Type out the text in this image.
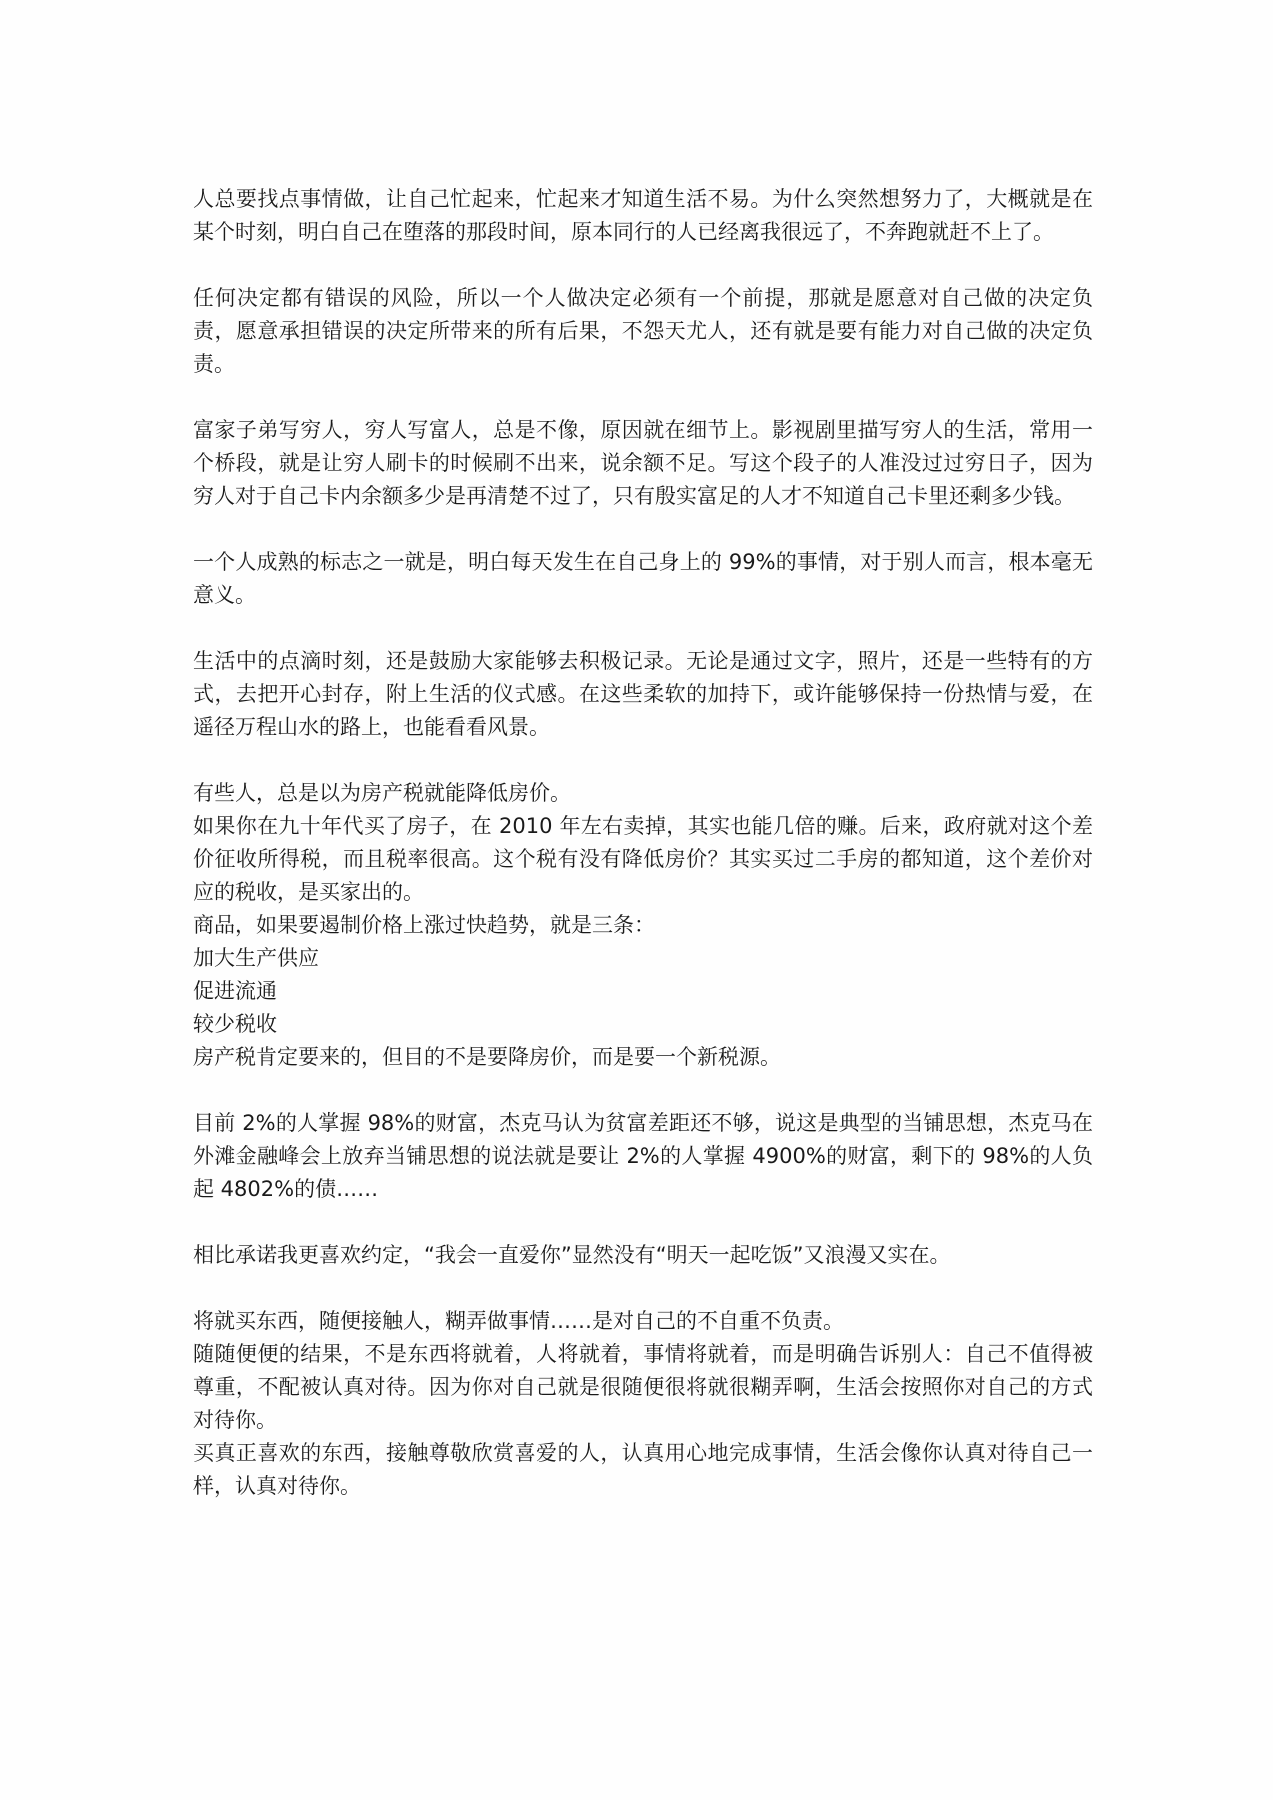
人总要找点事情做，让自己忙起来，忙起来才知道生活不易。为什么突然想努力了，大概就是在某个时刻，明白自己在堕落的那段时间，原本同行的人已经离我很远了，不奔跑就赶不上了。

任何决定都有错误的风险，所以一个人做决定必须有一个前提，那就是愿意对自己做的决定负责，愿意承担错误的决定所带来的所有后果，不怨天尤人，还有就是要有能力对自己做的决定负责。

富家子弟写穷人，穷人写富人，总是不像，原因就在细节上。影视剧里描写穷人的生活，常用一个桥段，就是让穷人刷卡的时候刷不出来，说余额不足。写这个段子的人准没过过穷日子，因为穷人对于自己卡内余额多少是再清楚不过了，只有殷实富足的人才不知道自己卡里还剩多少钱。

一个人成熟的标志之一就是，明白每天发生在自己身上的 99%的事情，对于别人而言，根本毫无意义。

生活中的点滴时刻，还是鼓励大家能够去积极记录。无论是通过文字，照片，还是一些特有的方式，去把开心封存，附上生活的仪式感。在这些柔软的加持下，或许能够保持一份热情与爱，在遥径万程山水的路上，也能看看风景。

有些人，总是以为房产税就能降低房价。

如果你在九十年代买了房子，在 2010 年左右卖掉，其实也能几倍的赚。后来，政府就对这个差价征收所得税，而且税率很高。这个税有没有降低房价？其实买过二手房的都知道，这个差价对应的税收，是买家出的。

商品，如果要遏制价格上涨过快趋势，就是三条：

加大生产供应

促进流通

较少税收

房产税肯定要来的，但目的不是要降房价，而是要一个新税源。

目前 2%的人掌握 98%的财富，杰克马认为贫富差距还不够，说这是典型的当铺思想，杰克马在外滩金融峰会上放弃当铺思想的说法就是要让 2%的人掌握 4900%的财富，剩下的 98%的人负起 4802%的债……

相比承诺我更喜欢约定，“我会一直爱你”显然没有“明天一起吃饭”又浪漫又实在。

将就买东西，随便接触人，糊弄做事情……是对自己的不自重不负责。

随随便便的结果，不是东西将就着，人将就着，事情将就着，而是明确告诉别人：自己不值得被尊重，不配被认真对待。因为你对自己就是很随便很将就很糊弄啊，生活会按照你对自己的方式对待你。

买真正喜欢的东西，接触尊敬欣赏喜爱的人，认真用心地完成事情，生活会像你认真对待自己一样，认真对待你。
